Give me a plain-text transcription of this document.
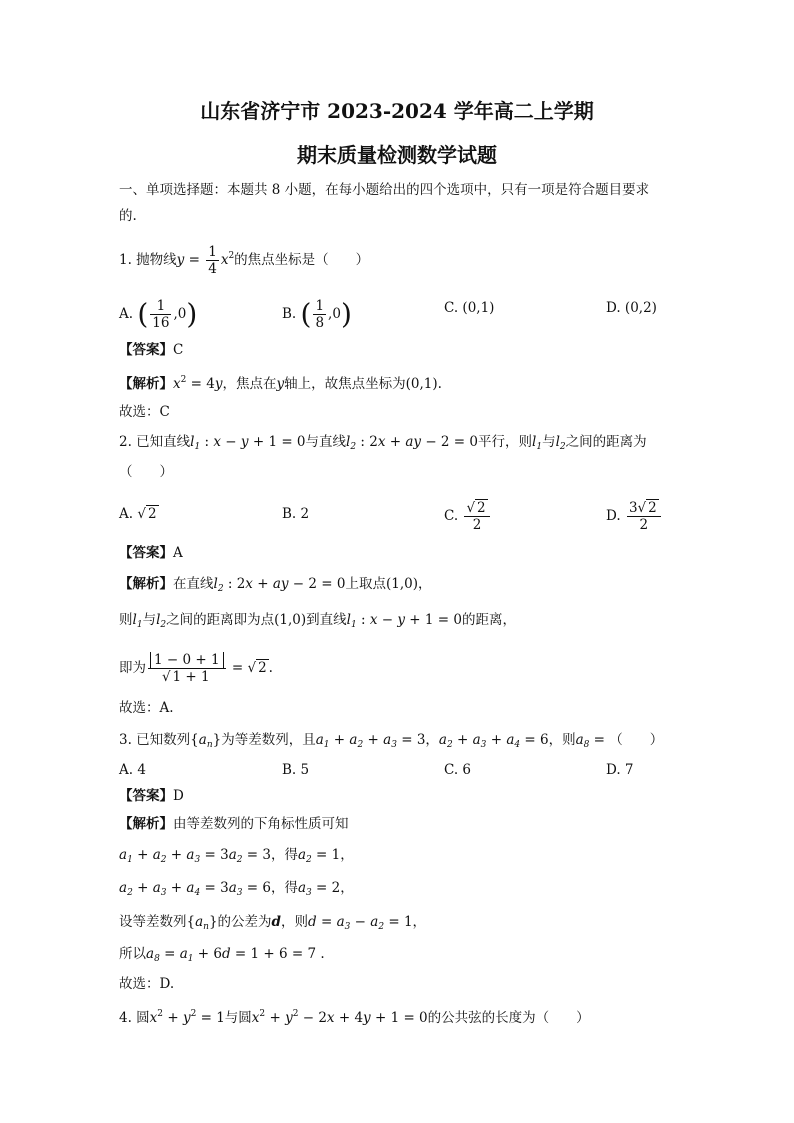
山东省济宁市 2023-2024 学年高二上学期
期末质量检测数学试题
一、单项选择题：本题共 8 小题，在每小题给出的四个选项中，只有一项是符合题目要求
的.
1. 抛物线$y = \frac{1}{4} x^2$的焦点坐标是（　　）
A. ( $\frac{1}{16} ,0$)	B. ( $\frac{1}{8} ,0$)	C. (0,1)	D. (0,2)
【答案】C
【解析】$x^2 = 4y$，焦点在y轴上，故焦点坐标为(0,1).
故选：C
2. 已知直线$l_1$ : x − y + 1 = 0与直线$l_2$ : 2x + ay − 2 = 0平行，则$l_1$与$l_2$之间的距离为
（　　）
A. √ 2	B. 2	C. $\frac{√ 2}{2}$	D. $\frac{3√ 2}{2}$
【答案】A
【解析】在直线$l_2$ : 2x + ay − 2 = 0上取点(1,0)，
则$l_1$与$l_2$之间的距离即为点(1,0)到直线$l_1$ : x − y + 1 = 0的距离，
即为 $\frac{1 - 0 + 1}{√ 1 + 1}$ = √ 2 .
故选：A.
3. 已知数列$\{a_n\}$为等差数列，且$a_1 + a_2 + a_3 = 3$，$a_2 + a_3 + a_4 = 6$，则$a_8$ = （　　）
A. 4	B. 5	C. 6	D. 7
【答案】D
【解析】由等差数列的下角标性质可知
$a_1 + a_2 + a_3 = 3a_2 = 3$，得$a_2 = 1$，
$a_2 + a_3 + a_4 = 3a_3 = 6$，得$a_3 = 2$，
设等差数列$\{a_n\}$的公差为d，则$d = a_3 - a_2 = 1$，
所以$a_8 = a_1 + 6d = 1 + 6 = 7$ .
故选：D.
4. 圆$x^2 + y^2 = 1$与圆$x^2 + y^2 - 2x + 4y + 1 = 0$的公共弦的长度为（　　）
